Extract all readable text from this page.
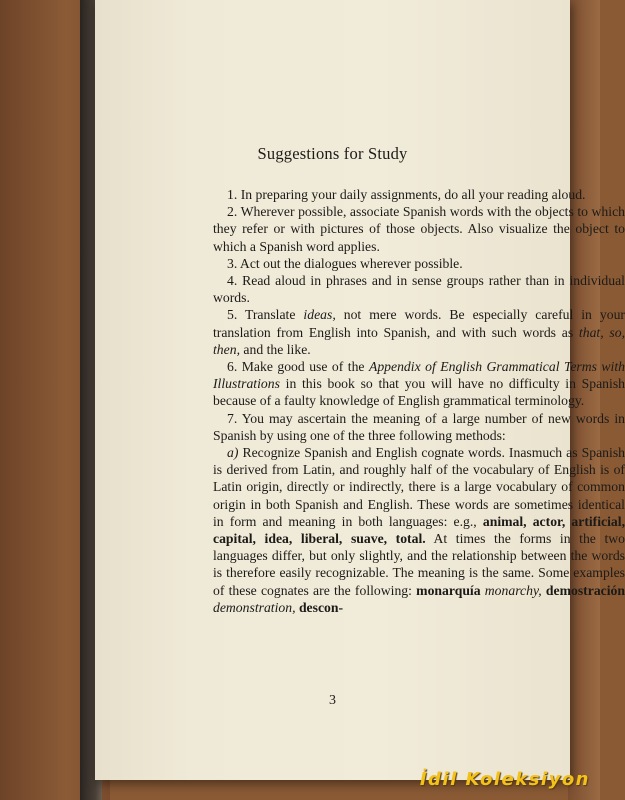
Suggestions for Study

1. In preparing your daily assignments, do all your reading aloud.

2. Wherever possible, associate Spanish words with the objects to which they refer or with pictures of those objects. Also visualize the object to which a Spanish word applies.

3. Act out the dialogues wherever possible.

4. Read aloud in phrases and in sense groups rather than in individual words.

5. Translate ideas, not mere words. Be especially careful in your translation from English into Spanish, and with such words as that, so, then, and the like.

6. Make good use of the Appendix of English Grammatical Terms with Illustrations in this book so that you will have no difficulty in Spanish because of a faulty knowledge of English grammatical terminology.

7. You may ascertain the meaning of a large number of new words in Spanish by using one of the three following methods:

a) Recognize Spanish and English cognate words. Inasmuch as Spanish is derived from Latin, and roughly half of the vocabulary of English is of Latin origin, directly or indirectly, there is a large vocabulary of common origin in both Spanish and English. These words are sometimes identical in form and meaning in both languages: e.g., animal, actor, artificial, capital, idea, liberal, suave, total. At times the forms in the two languages differ, but only slightly, and the relationship between the words is therefore easily recognizable. The meaning is the same. Some examples of these cognates are the following: monarquía monarchy, demostración demonstration, descon-

3
İdil Koleksiyon
